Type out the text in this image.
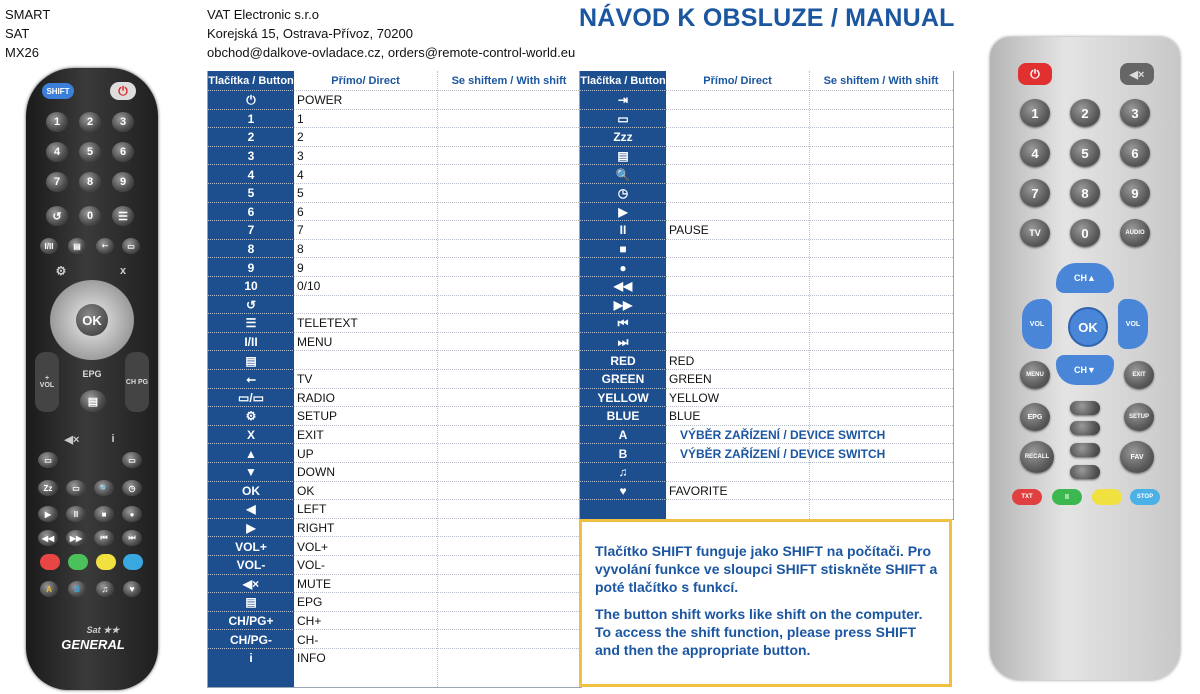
SMART
SAT
MX26
VAT Electronic s.r.o
Korejská 15, Ostrava-Přívoz, 70200
obchod@dalkove-ovladace.cz, orders@remote-control-world.eu
NÁVOD K OBSLUZE / MANUAL
SHIFT	⏻
1	2	3
4	5	6
7	8	9
0
↺	☰
I/II	▤	⭠	▭
⚙	x
OK
+
VOL	CH PG
EPG
▤
◀×	i
▭	▭
Zz	▭	🔍	◷
▶	II	■	●
◀◀	▶▶	⏮	⏭
A	B	♫	♥
Sat ★★
GENERAL
⏻	◀×
1	2	3
4	5	6
7	8	9
TV	0	AUDIO
CH▲
VOL	OK	VOL
CH▼
MENU	EXIT
EPG	SETUP
RECALL	FAV
TXT	II	STOP
Tlačítka / Button	Přímo/ Direct	Se shiftem / With shift
⏻	POWER
1	1
2	2
3	3
4	4
5	5
6	6
7	7
8	8
9	9
10	0/10
↺
☰	TELETEXT
I/II	MENU
▤
⭠	TV
▭/▭	RADIO
⚙	SETUP
X	EXIT
▲	UP
▼	DOWN
OK	OK
◀	LEFT
▶	RIGHT
VOL+	VOL+
VOL-	VOL-
◀×	MUTE
▤	EPG
CH/PG+	CH+
CH/PG-	CH-
i	INFO
Tlačítka / Button	Přímo/ Direct	Se shiftem / With shift
⇥
▭
Zzz
▤
🔍
◷
▶
II	PAUSE
■
●
◀◀
▶▶
⏮
⏭
RED	RED
GREEN	GREEN
YELLOW	YELLOW
BLUE	BLUE
A	VÝBĚR ZAŘÍZENÍ / DEVICE SWITCH
B	VÝBĚR ZAŘÍZENÍ / DEVICE SWITCH
♫
♥	FAVORITE

Tlačítko SHIFT funguje jako SHIFT na počítači. Pro vyvolání funkce ve sloupci SHIFT stiskněte SHIFT a poté tlačítko s funkcí.

The button shift works like shift on the computer. To access the shift function, please press SHIFT and then the appropriate button.
